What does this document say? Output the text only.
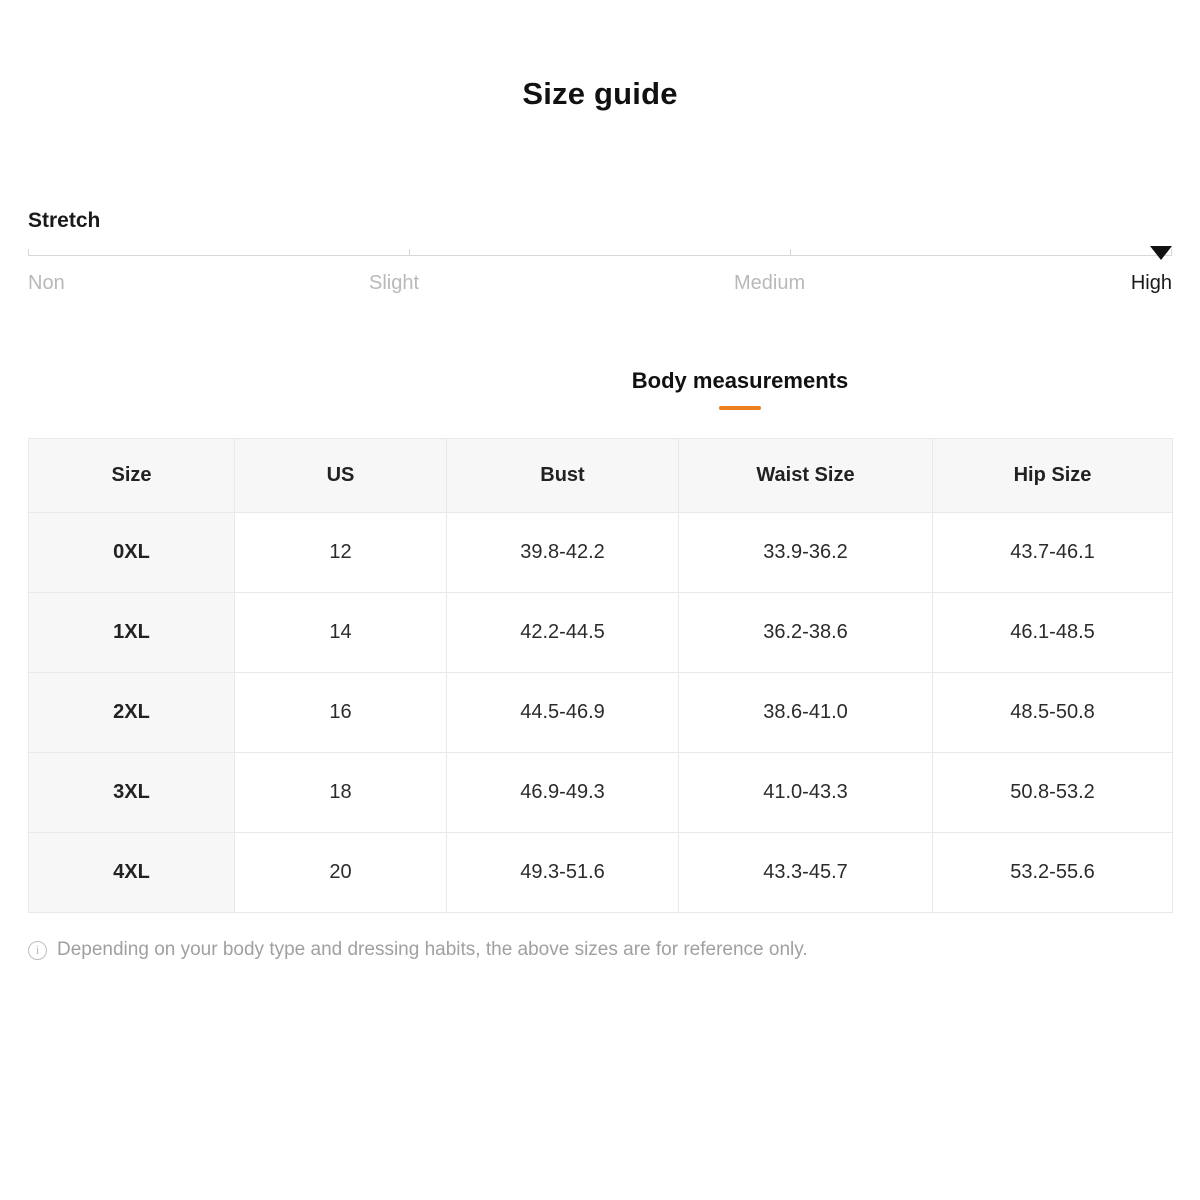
Size guide
Stretch
Non	Slight	Medium	High
Body measurements
Size	US	Bust	Waist Size	Hip Size
0XL	12	39.8-42.2	33.9-36.2	43.7-46.1
1XL	14	42.2-44.5	36.2-38.6	46.1-48.5
2XL	16	44.5-46.9	38.6-41.0	48.5-50.8
3XL	18	46.9-49.3	41.0-43.3	50.8-53.2
4XL	20	49.3-51.6	43.3-45.7	53.2-55.6
i
Depending on your body type and dressing habits, the above sizes are for reference only.
